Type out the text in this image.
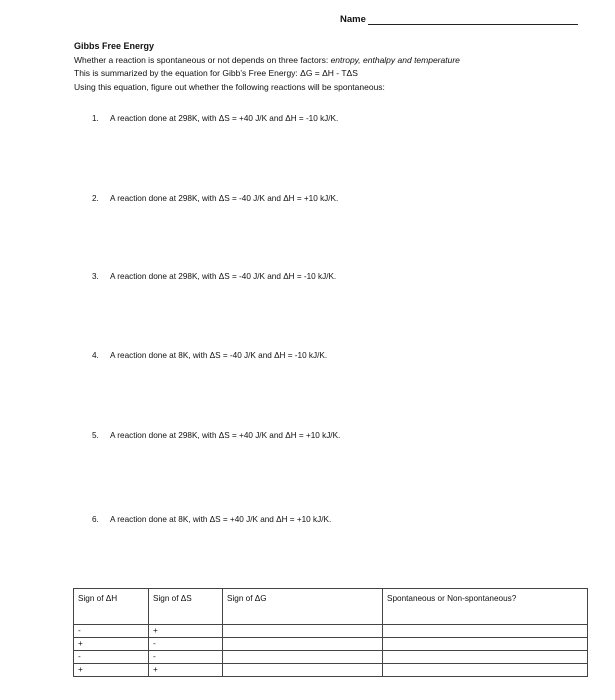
Name
Gibbs Free Energy
Whether a reaction is spontaneous or not depends on three factors: entropy, enthalpy and temperature
This is summarized by the equation for Gibb’s Free Energy: ΔG = ΔH - TΔS
Using this equation, figure out whether the following reactions will be spontaneous:
1. A reaction done at 298K, with ΔS = +40 J/K and ΔH = -10 kJ/K.
2. A reaction done at 298K, with ΔS = -40 J/K and ΔH = +10 kJ/K.
3. A reaction done at 298K, with ΔS = -40 J/K and ΔH = -10 kJ/K.
4. A reaction done at 8K, with ΔS = -40 J/K and ΔH = -10 kJ/K.
5. A reaction done at 298K, with ΔS = +40 J/K and ΔH = +10 kJ/K.
6. A reaction done at 8K, with ΔS = +40 J/K and ΔH = +10 kJ/K.
Sign of ΔH	Sign of ΔS	Sign of ΔG	Spontaneous or Non-spontaneous?
-	+		
+	-		
-	-		
+	+		
